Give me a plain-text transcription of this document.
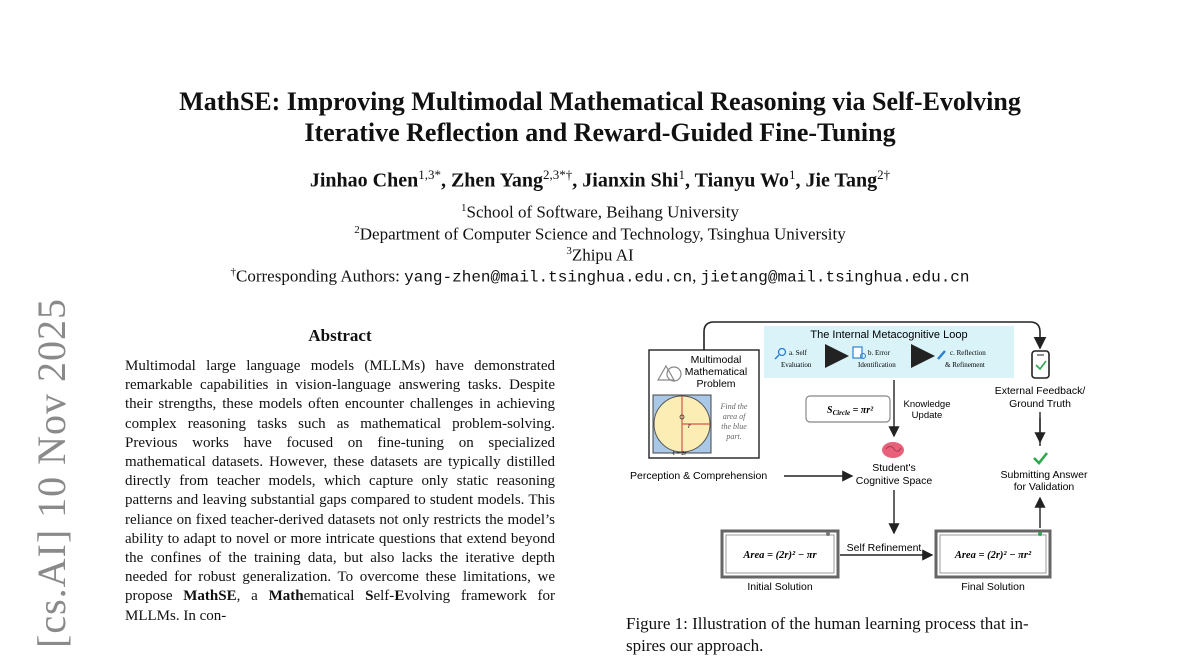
[cs.AI] 10 Nov 2025
MathSE: Improving Multimodal Mathematical Reasoning via Self-Evolving
Iterative Reflection and Reward-Guided Fine-Tuning
Jinhao Chen$^{1,3*}$, Zhen Yang$^{2,3*\dagger}$, Jianxin Shi$^1$, Tianyu Wo$^1$, Jie Tang$^{2\dagger}$
$^1$School of Software, Beihang University
$^2$Department of Computer Science and Technology, Tsinghua University
$^3$Zhipu AI
†Corresponding Authors: yang-zhen@mail.tsinghua.edu.cn, jietang@mail.tsinghua.edu.cn
Abstract
Multimodal large language models (MLLMs) have demonstrated remarkable capabilities in vision-language answering tasks. Despite their strengths, these models often encounter challenges in achieving complex reasoning tasks such as mathematical problem-solving. Previous works have focused on fine-tuning on specialized mathematical datasets. However, these datasets are typically distilled directly from teacher models, which capture only static reasoning patterns and leaving substantial gaps compared to student models. This reliance on fixed teacher-derived datasets not only restricts the model’s ability to adapt to novel or more intricate questions that extend beyond the confines of the training data, but also lacks the iterative depth needed for robust generalization. To overcome these limitations, we propose MathSE, a Mathematical Self-Evolving framework for MLLMs. In con-
The Internal Metacognitive Loop
a. Self
Evaluation
b. Error
Identification
c. Reflection
& Refinement
External Feedback/
Ground Truth
Multimodal
Mathematical
Problem
r
ℓ = 2r
Find the
area of
the blue
part.
$S_{Circle} = \pi r^2$
Knowledge
Update
Student's
Cognitive Space
Perception & Comprehension	Submitting Answer
for Validation
Area = (2r)² − πr
Initial Solution
Self Refinement
Area = (2r)² − πr²
Final Solution
Figure 1: Illustration of the human learning process that in-
spires our approach.
